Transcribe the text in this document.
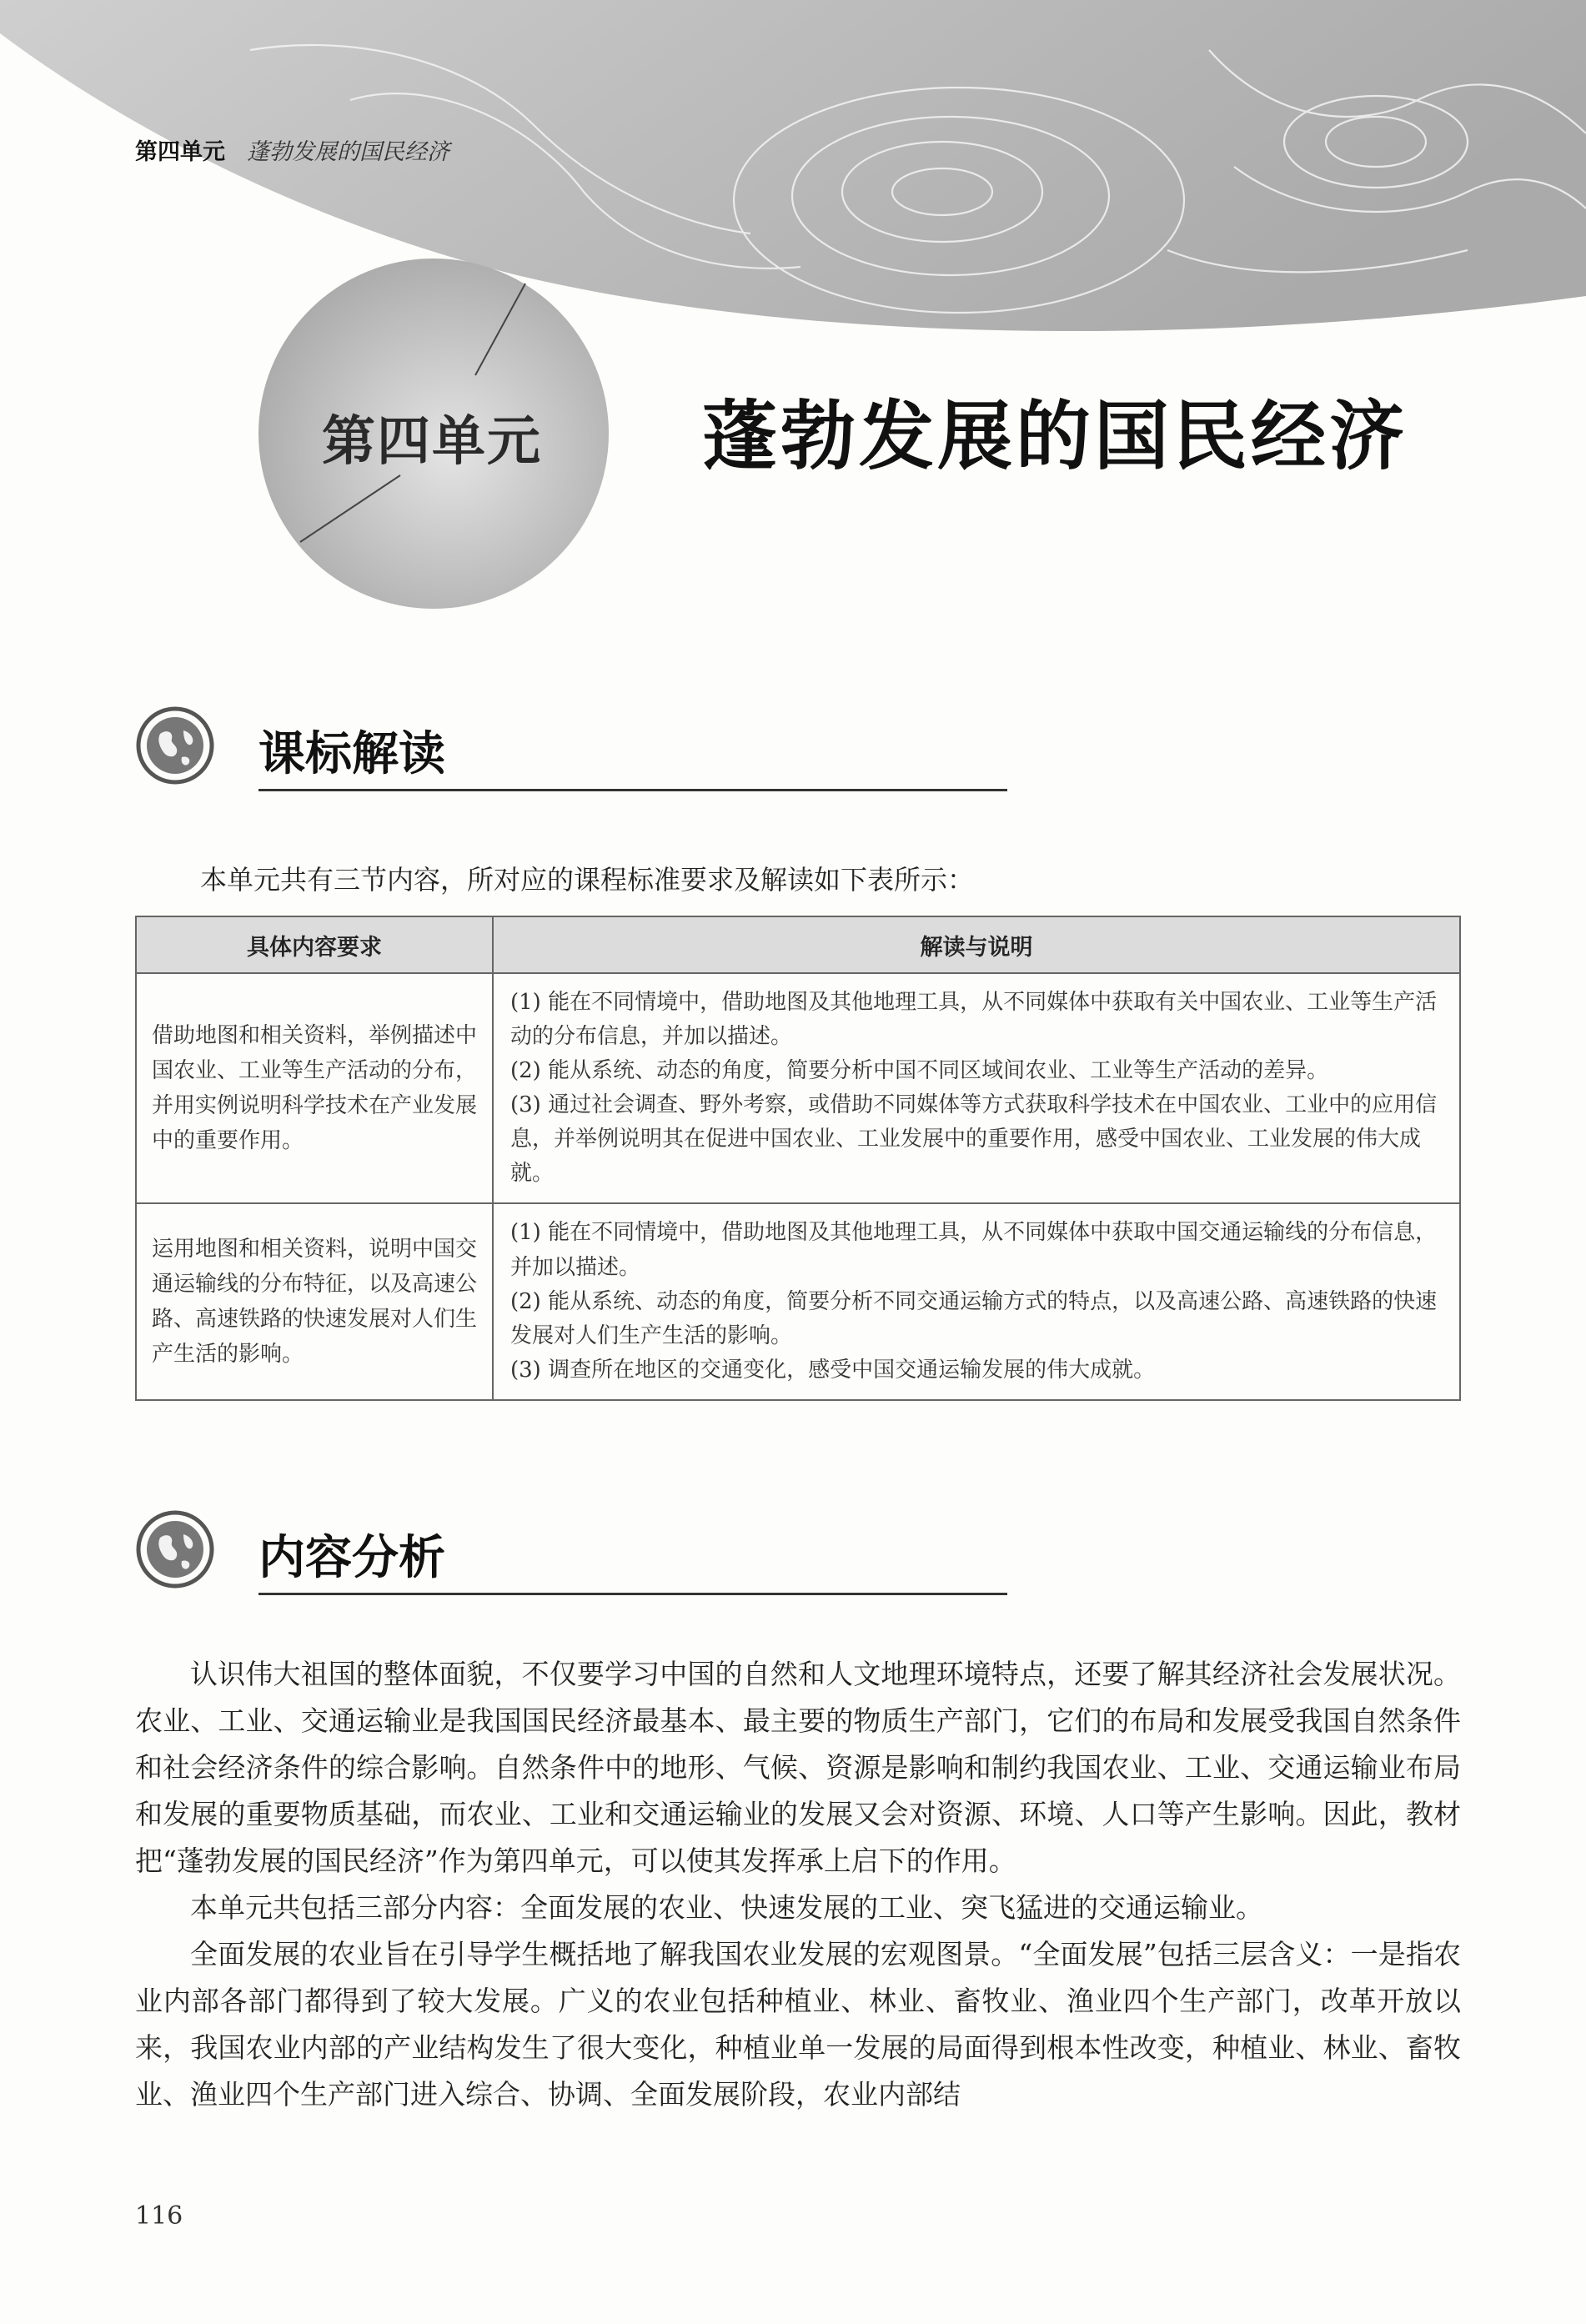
第四单元 蓬勃发展的国民经济
第四单元 蓬勃发展的国民经济
课标解读
本单元共有三节内容，所对应的课程标准要求及解读如下表所示：
具体内容要求	解读与说明
借助地图和相关资料，举例描述中国农业、工业等生产活动的分布，并用实例说明科学技术在产业发展中的重要作用。	(1) 能在不同情境中，借助地图及其他地理工具，从不同媒体中获取有关中国农业、工业等生产活动的分布信息，并加以描述。
(2) 能从系统、动态的角度，简要分析中国不同区域间农业、工业等生产活动的差异。
(3) 通过社会调查、野外考察，或借助不同媒体等方式获取科学技术在中国农业、工业中的应用信息，并举例说明其在促进中国农业、工业发展中的重要作用，感受中国农业、工业发展的伟大成就。

运用地图和相关资料，说明中国交通运输线的分布特征，以及高速公路、高速铁路的快速发展对人们生产生活的影响。	(1) 能在不同情境中，借助地图及其他地理工具，从不同媒体中获取中国交通运输线的分布信息，并加以描述。
(2) 能从系统、动态的角度，简要分析不同交通运输方式的特点，以及高速公路、高速铁路的快速发展对人们生产生活的影响。
(3) 调查所在地区的交通变化，感受中国交通运输发展的伟大成就。
内容分析

认识伟大祖国的整体面貌，不仅要学习中国的自然和人文地理环境特点，还要了解其经济社会发展状况。农业、工业、交通运输业是我国国民经济最基本、最主要的物质生产部门，它们的布局和发展受我国自然条件和社会经济条件的综合影响。自然条件中的地形、气候、资源是影响和制约我国农业、工业、交通运输业布局和发展的重要物质基础，而农业、工业和交通运输业的发展又会对资源、环境、人口等产生影响。因此，教材把“蓬勃发展的国民经济”作为第四单元，可以使其发挥承上启下的作用。

本单元共包括三部分内容：全面发展的农业、快速发展的工业、突飞猛进的交通运输业。

全面发展的农业旨在引导学生概括地了解我国农业发展的宏观图景。“全面发展”包括三层含义：一是指农业内部各部门都得到了较大发展。广义的农业包括种植业、林业、畜牧业、渔业四个生产部门，改革开放以来，我国农业内部的产业结构发生了很大变化，种植业单一发展的局面得到根本性改变，种植业、林业、畜牧业、渔业四个生产部门进入综合、协调、全面发展阶段，农业内部结

116
